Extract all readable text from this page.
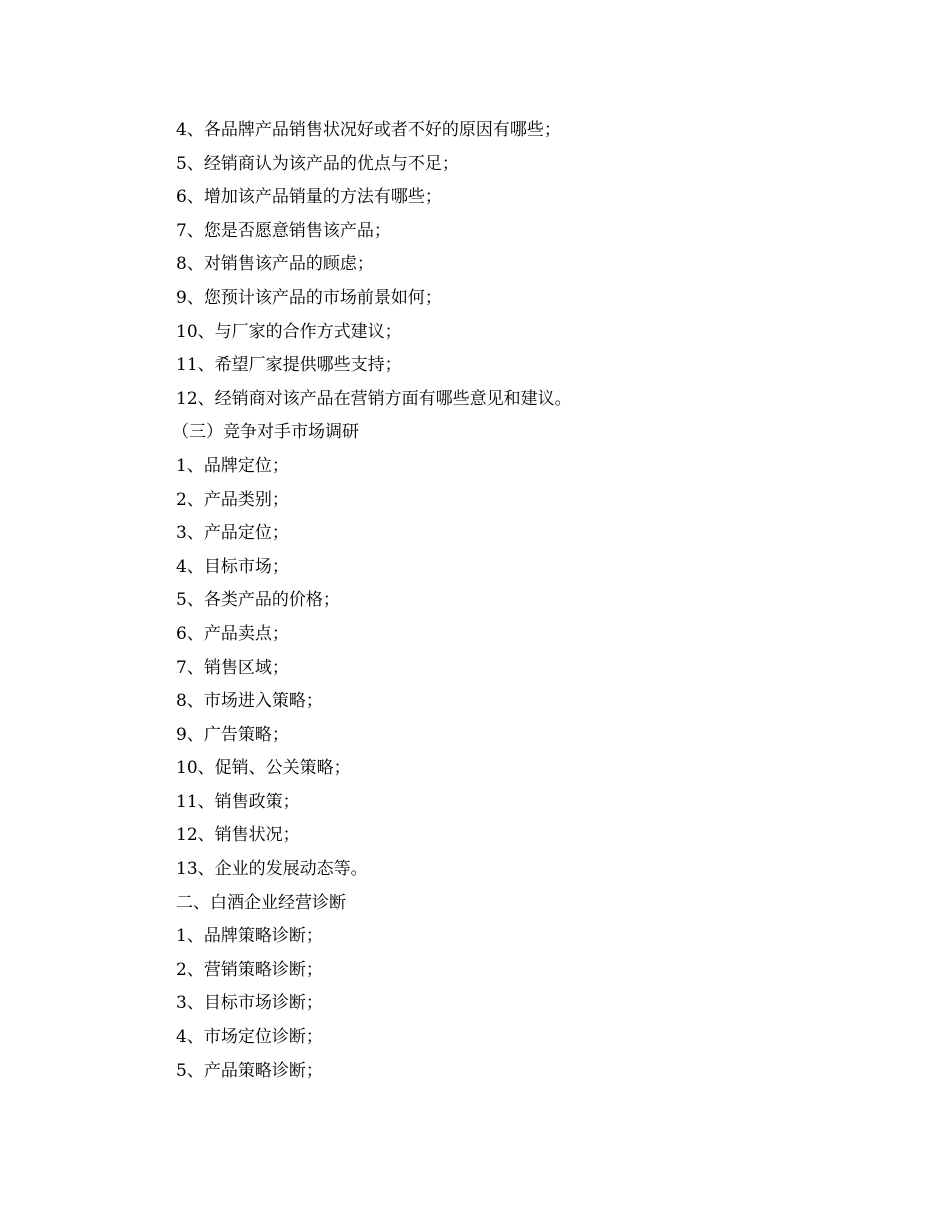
4、各品牌产品销售状况好或者不好的原因有哪些；
5、经销商认为该产品的优点与不足；
6、增加该产品销量的方法有哪些；
7、您是否愿意销售该产品；
8、对销售该产品的顾虑；
9、您预计该产品的市场前景如何；
10、与厂家的合作方式建议；
11、希望厂家提供哪些支持；
12、经销商对该产品在营销方面有哪些意见和建议。
（三）竞争对手市场调研
1、品牌定位；
2、产品类别；
3、产品定位；
4、目标市场；
5、各类产品的价格；
6、产品卖点；
7、销售区域；
8、市场进入策略；
9、广告策略；
10、促销、公关策略；
11、销售政策；
12、销售状况；
13、企业的发展动态等。
二、白酒企业经营诊断
1、品牌策略诊断；
2、营销策略诊断；
3、目标市场诊断；
4、市场定位诊断；
5、产品策略诊断；
